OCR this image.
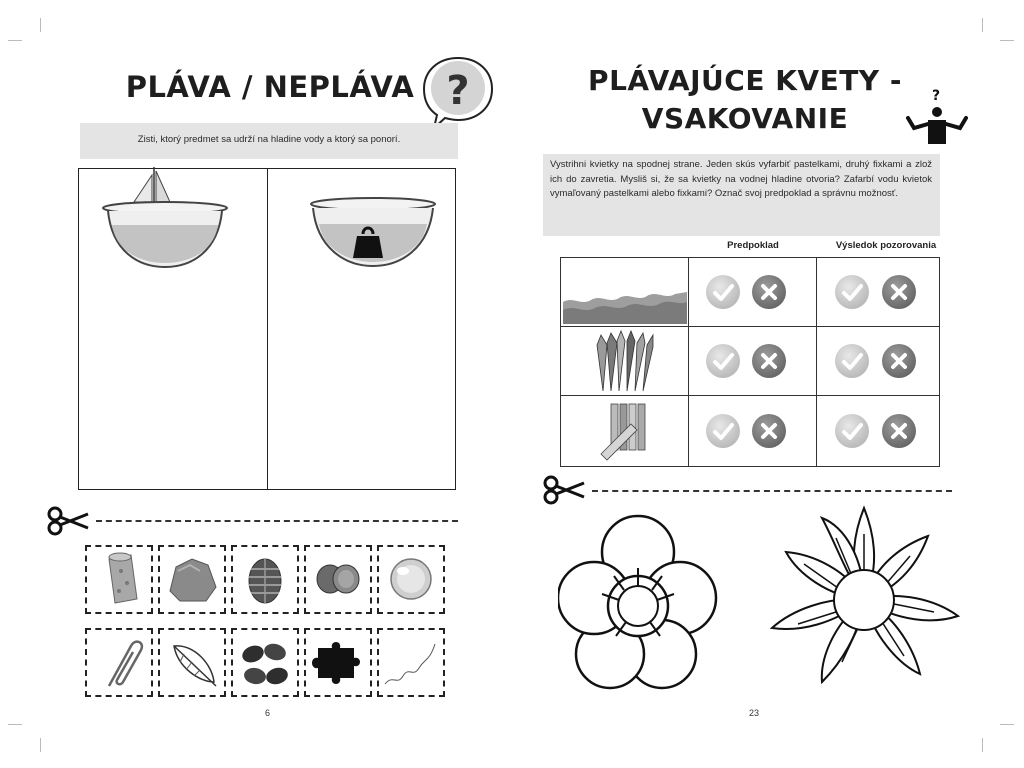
PLÁVA / NEPLÁVA ?
Zisti, ktorý predmet sa udrží na hladine vody a ktorý sa ponorí.
6
PLÁVAJÚCE KVETY -
VSAKOVANIE
?
Vystrihni kvietky na spodnej strane. Jeden skús vyfarbiť pastelkami, druhý fixkami a zlož ich do zavretia. Mysliš si, že sa kvietky na vodnej hladine otvoria? Zafarbí vodu kvietok vymaľovaný pastelkami alebo fixkami? Označ svoj predpoklad a správnu možnosť.
Predpoklad	Výsledok pozorovania
23
